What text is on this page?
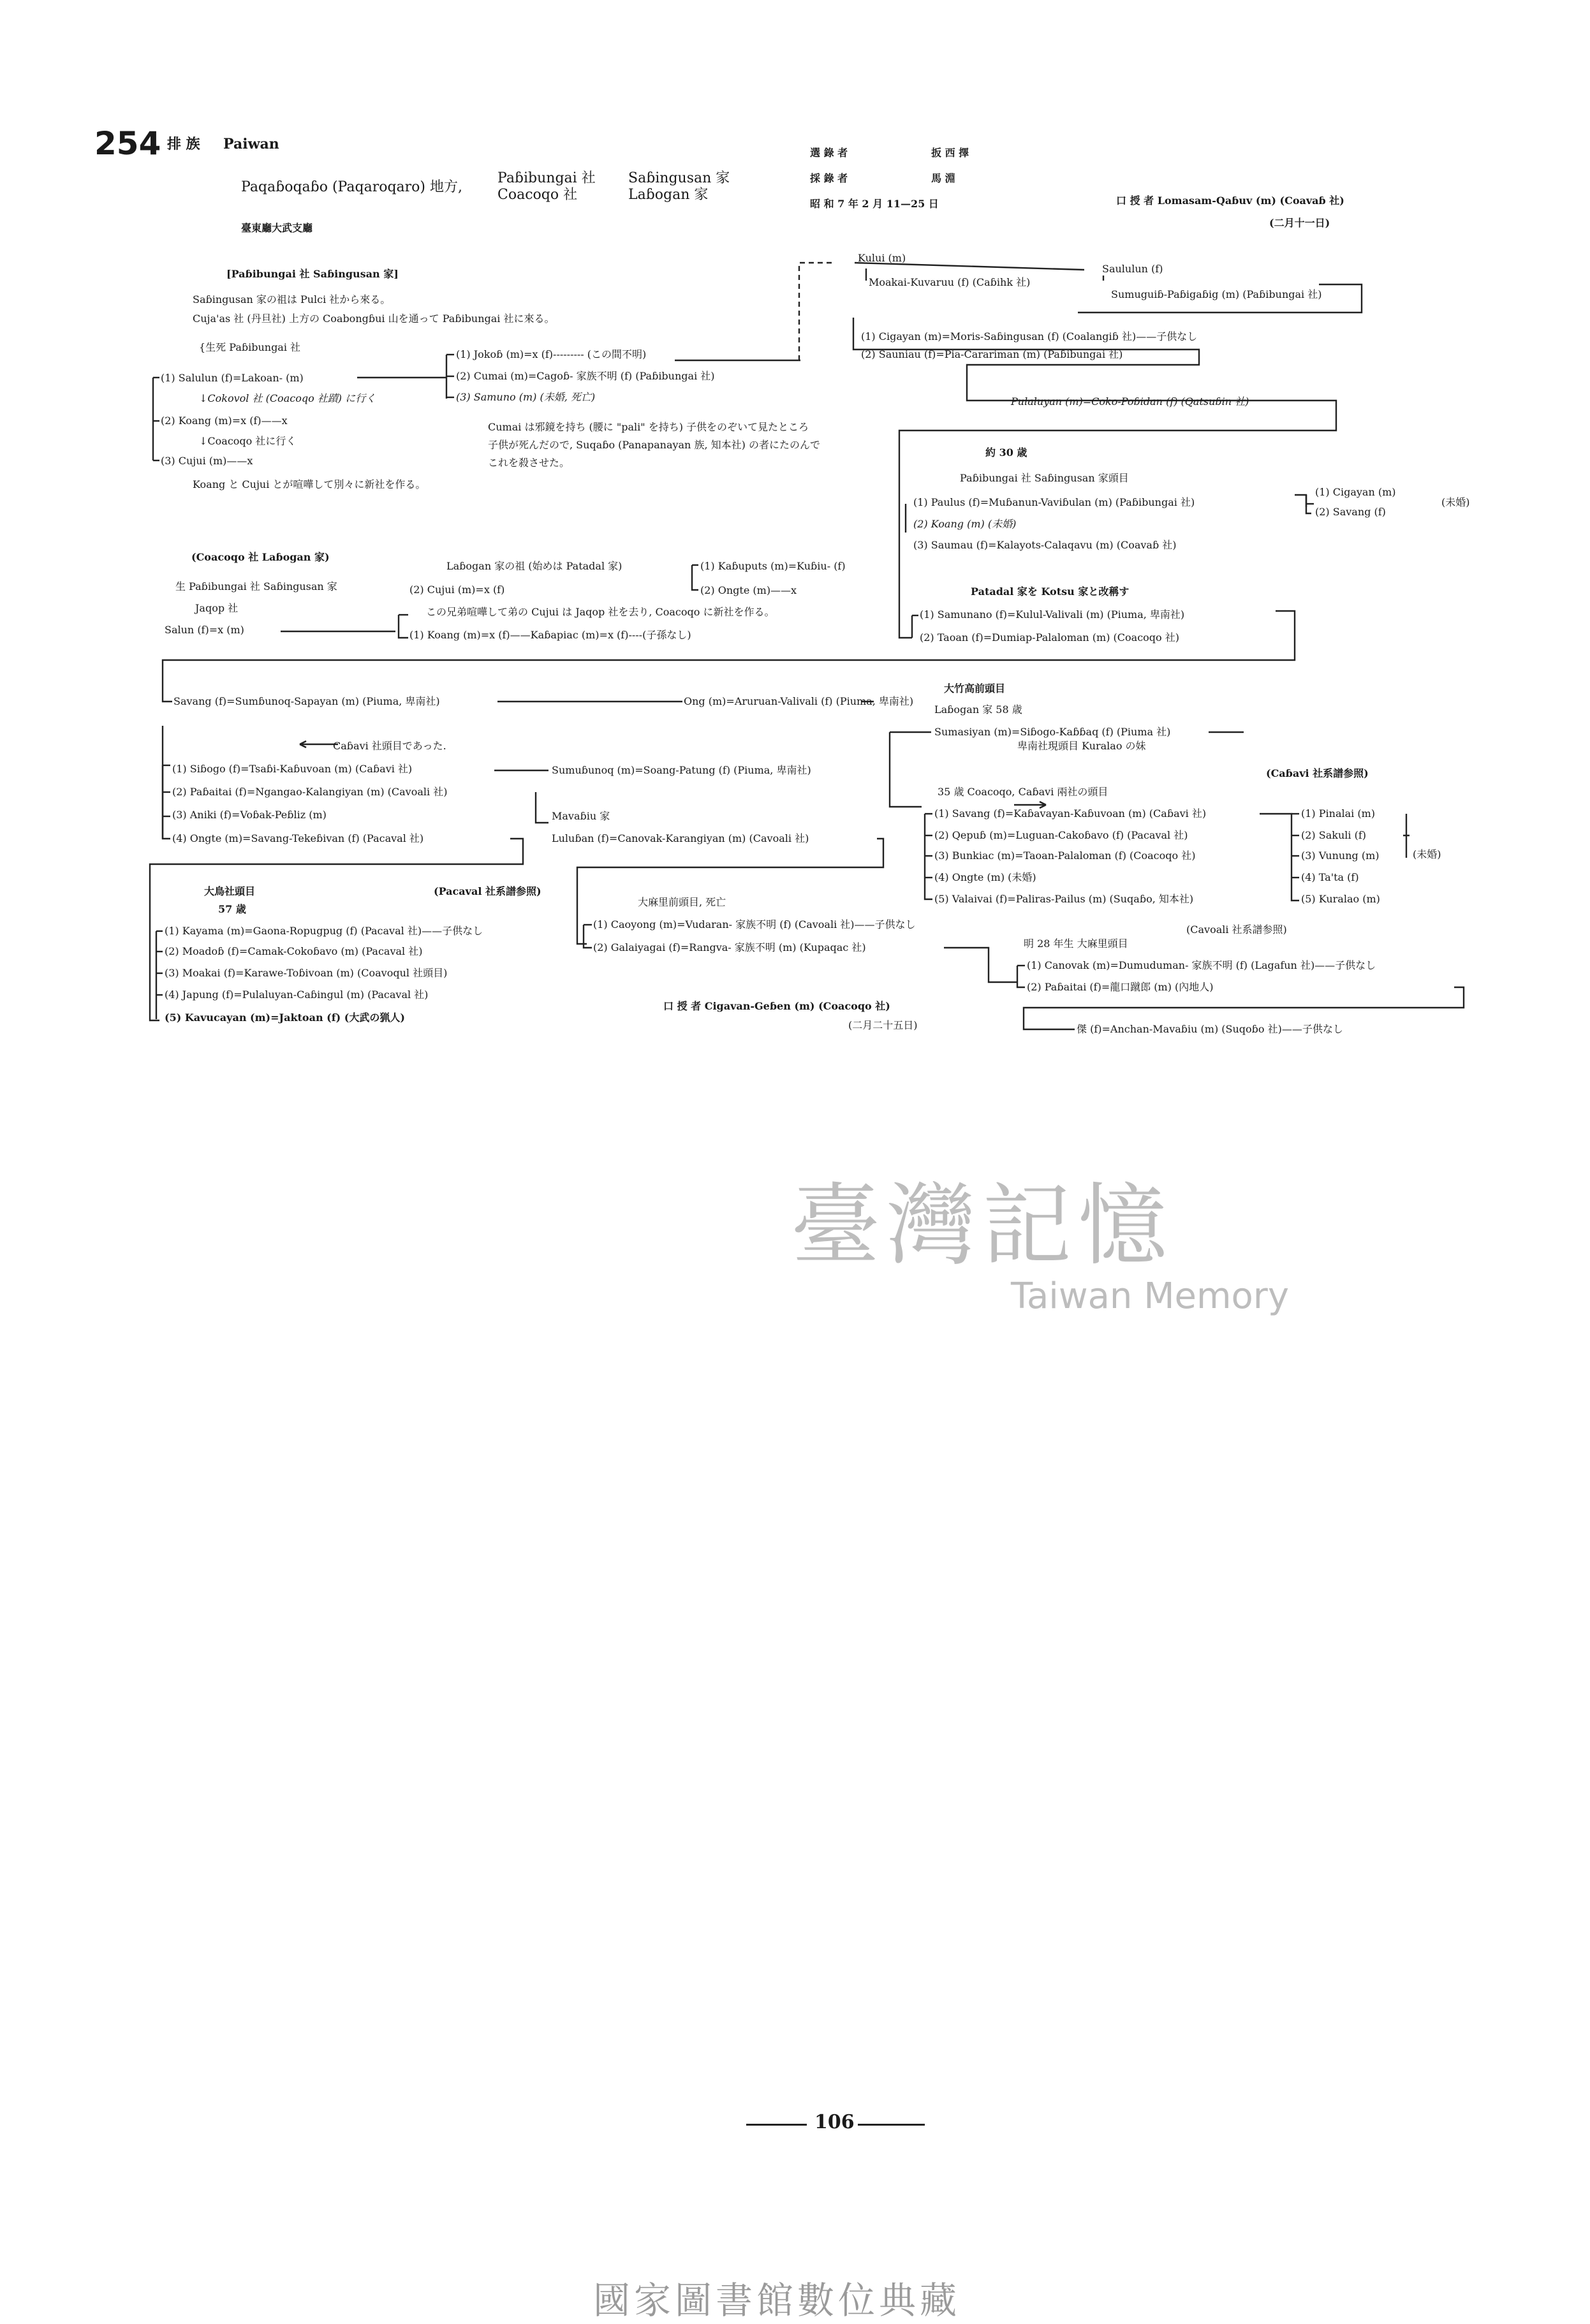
254 排 族 Paiwan
Paqaɓoqaɓo (Paqaroqaro) 地方,
Paɓibungai 社
Coacoqo 社
Saɓingusan 家
Laɓogan 家
臺東廳大武支廳
選 錄 者	扳 西 擇
採 錄 者	馬 淵
昭 和 7 年 2 月 11—25 日	口 授 者 Lomasam-Qaɓuv (m) (Coavaɓ 社)
(二月十一日)
[Paɓibungai 社 Saɓingusan 家]
Saɓingusan 家の祖は Pulci 社から來る。
Cuja'as 社 (丹旦社) 上方の Coabongɓui 山を通って Paɓibungai 社に來る。
{生死 Paɓibungai 社
(1) Salulun (f)=Lakoan- (m)
↓Cokovol 社 (Coacoqo 社蹟) に行く
(2) Koang (m)=x (f)——x
↓Coacoqo 社に行く
(3) Cujui (m)——x
Koang と Cujui とが喧嘩して別々に新社を作る。
(1) Jokoɓ (m)=x (f)--------- (この間不明)
(2) Cumai (m)=Cagoɓ- 家族不明 (f) (Paɓibungai 社)
(3) Samuno (m) (未婚, 死亡)
Cumai は邪鏡を持ち (腰に "pali" を持ち) 子供をのぞいて見たところ
子供が死んだので, Suqaɓo (Panapanayan 族, 知本社) の者にたのんで
これを殺させた。
Kului (m)
Saululun (f)
Moakai-Kuvaruu (f) (Caɓihk 社)
Sumuguiɓ-Paɓigaɓig (m) (Paɓibungai 社)
(1) Cigayan (m)=Moris-Saɓingusan (f) (Coalangiɓ 社)——子供なし
(2) Sauniau (f)=Pia-Carariman (m) (Paɓibungai 社)
Pulaluyan (m)=Coko-Poɓidan (f) (Qatsuɓin 社)
約 30 歳
Paɓibungai 社 Saɓingusan 家頭目
(1) Paulus (f)=Muɓanun-Vaviɓulan (m) (Paɓibungai 社)
(2) Koang (m) (未婚)
(3) Saumau (f)=Kalayots-Calaqavu (m) (Coavaɓ 社)
(1) Cigayan (m)
(2) Savang (f)
(未婚)
(Coacoqo 社 Laɓogan 家)
生 Paɓibungai 社 Saɓingusan 家
Jaqop 社
Salun (f)=x (m)
Laɓogan 家の祖 (始めは Patadal 家)
(2) Cujui (m)=x (f)
この兄弟喧嘩して弟の Cujui は Jaqop 社を去り, Coacoqo に新社を作る。
(1) Koang (m)=x (f)——Kaɓapiac (m)=x (f)----(子孫なし)
(1) Kaɓuputs (m)=Kuɓiu- (f)
(2) Ongte (m)——x	Patadal 家を Kotsu 家と改稱す
(1) Samunano (f)=Kulul-Valivali (m) (Piuma, 卑南社)
(2) Taoan (f)=Dumiap-Palaloman (m) (Coacoqo 社)
Savang (f)=Sumɓunoq-Sapayan (m) (Piuma, 卑南社)	Ong (m)=Aruruan-Valivali (f) (Piuma, 卑南社)
大竹高前頭目
Laɓogan 家 58 歳
Sumasiyan (m)=Siɓogo-Kaɓɓaq (f) (Piuma 社)
卑南社現頭目 Kuralao の妹
(Caɓavi 社系譜参照)
Caɓavi 社頭目であった.
(1) Siɓogo (f)=Tsaɓi-Kaɓuvoan (m) (Caɓavi 社)
(2) Paɓaitai (f)=Ngangao-Kalangiyan (m) (Cavoali 社)
(3) Aniki (f)=Voɓak-Peɓliz (m)
(4) Ongte (m)=Savang-Tekeɓivan (f) (Pacaval 社)
Sumuɓunoq (m)=Soang-Patung (f) (Piuma, 卑南社)
Mavaɓiu 家
Luluɓan (f)=Canovak-Karangiyan (m) (Cavoali 社)
35 歳 Coacoqo, Caɓavi 兩社の頭目
(1) Savang (f)=Kaɓavayan-Kaɓuvoan (m) (Caɓavi 社)
(2) Qepuɓ (m)=Luguan-Cakoɓavo (f) (Pacaval 社)
(3) Bunkiac (m)=Taoan-Palaloman (f) (Coacoqo 社)
(4) Ongte (m) (未婚)
(5) Valaivai (f)=Paliras-Pailus (m) (Suqaɓo, 知本社)
(1) Pinalai (m)
(2) Sakuli (f)
(3) Vunung (m)
(4) Ta'ta (f)
(5) Kuralao (m)
(未婚)
(Cavoali 社系譜参照)
大鳥社頭目
57 歳
(Pacaval 社系譜参照)
(1) Kayama (m)=Gaona-Ropugpug (f) (Pacaval 社)——子供なし
(2) Moadoɓ (f)=Camak-Cokoɓavo (m) (Pacaval 社)
(3) Moakai (f)=Karawe-Toɓivoan (m) (Coavoqul 社頭目)
(4) Japung (f)=Pulaluyan-Caɓingul (m) (Pacaval 社)
(5) Kavucayan (m)=Jaktoan (f) (大武の猟人)
大麻里前頭目, 死亡
(1) Caoyong (m)=Vudaran- 家族不明 (f) (Cavoali 社)——子供なし
(2) Galaiyagai (f)=Rangva- 家族不明 (m) (Kupaqac 社)	明 28 年生 大麻里頭目
(1) Canovak (m)=Dumuduman- 家族不明 (f) (Lagafun 社)——子供なし
(2) Paɓaitai (f)=龍口蹴郎 (m) (內地人)
傑 (f)=Anchan-Mavaɓiu (m) (Suqoɓo 社)——子供なし
口 授 者 Cigavan-Geɓen (m) (Coacoqo 社)
(二月二十五日)
臺灣記憶
Taiwan Memory
106
國家圖書館數位典藏
